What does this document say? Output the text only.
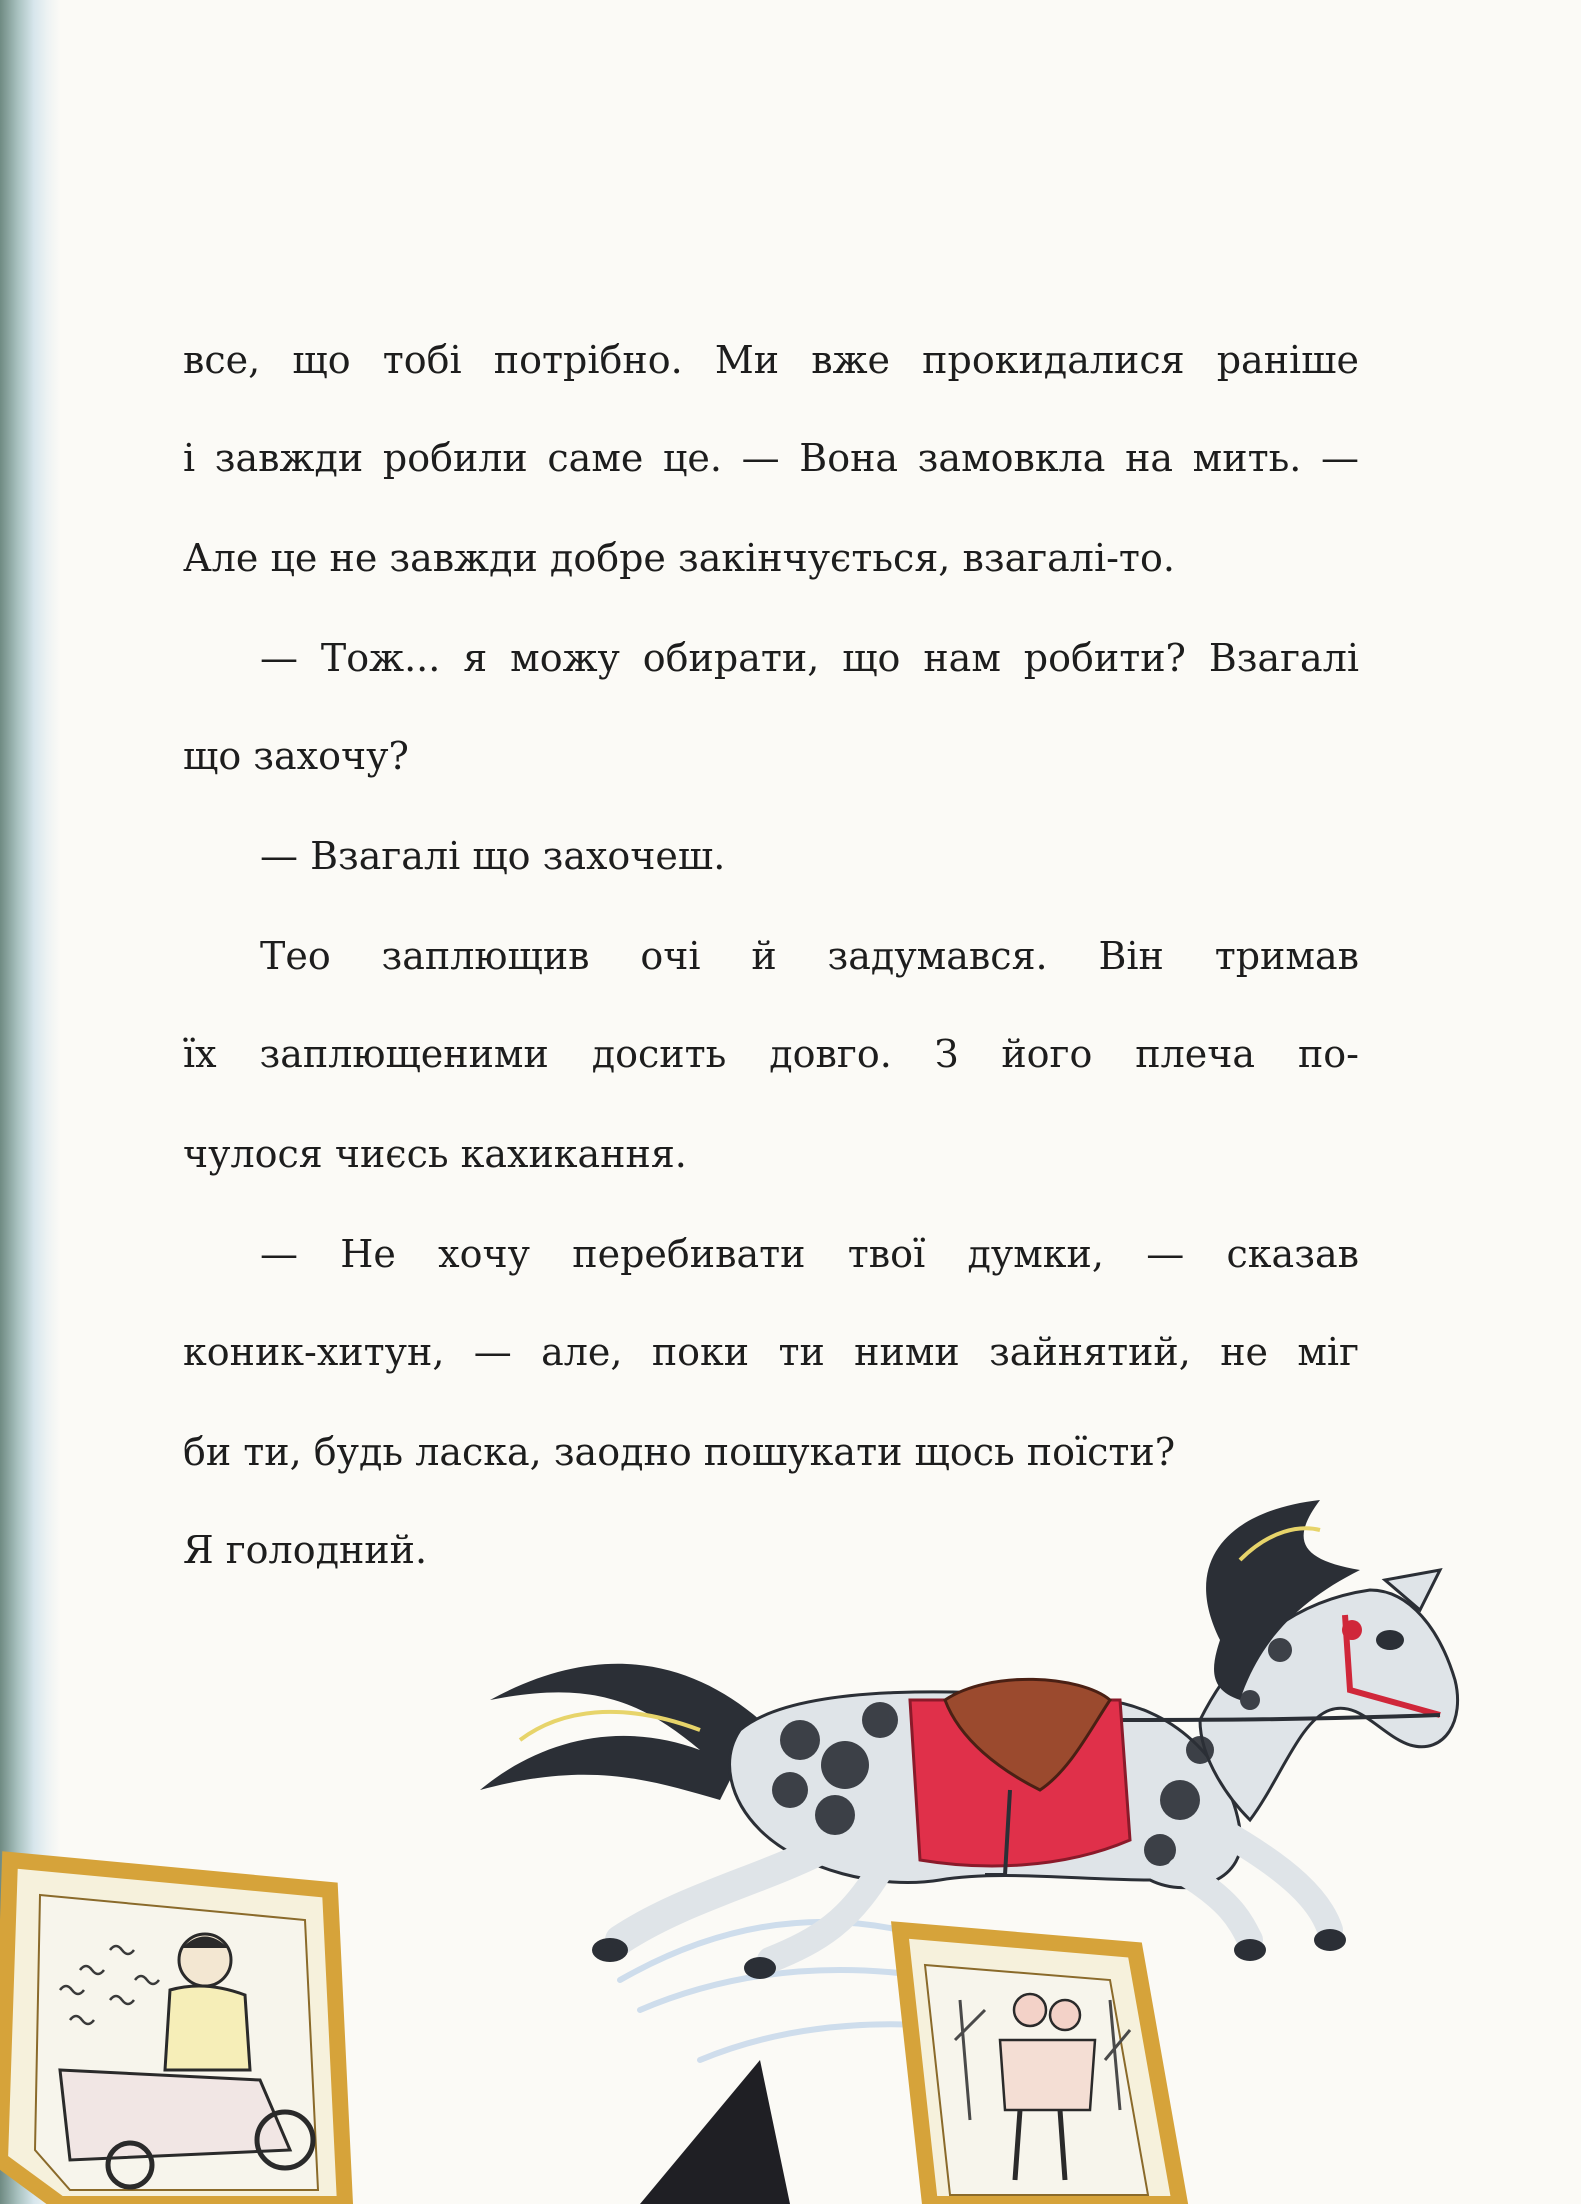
все, що тобі потрібно. Ми вже прокидалися раніше
і завжди робили саме це. — Вона замовкла на мить. —
Але це не завжди добре закінчується, взагалі-то.
— Тож... я можу обирати, що нам робити? Взагалі
що захочу?
— Взагалі що захочеш.
Тео заплющив очі й задумався. Він тримав
їх заплющеними досить довго. З його плеча по-
чулося чиєсь кахикання.
— Не хочу перебивати твої думки, — сказав
коник-хитун, — але, поки ти ними зайнятий, не міг
би ти, будь ласка, заодно пошукати щось поїсти?
Я голодний.
